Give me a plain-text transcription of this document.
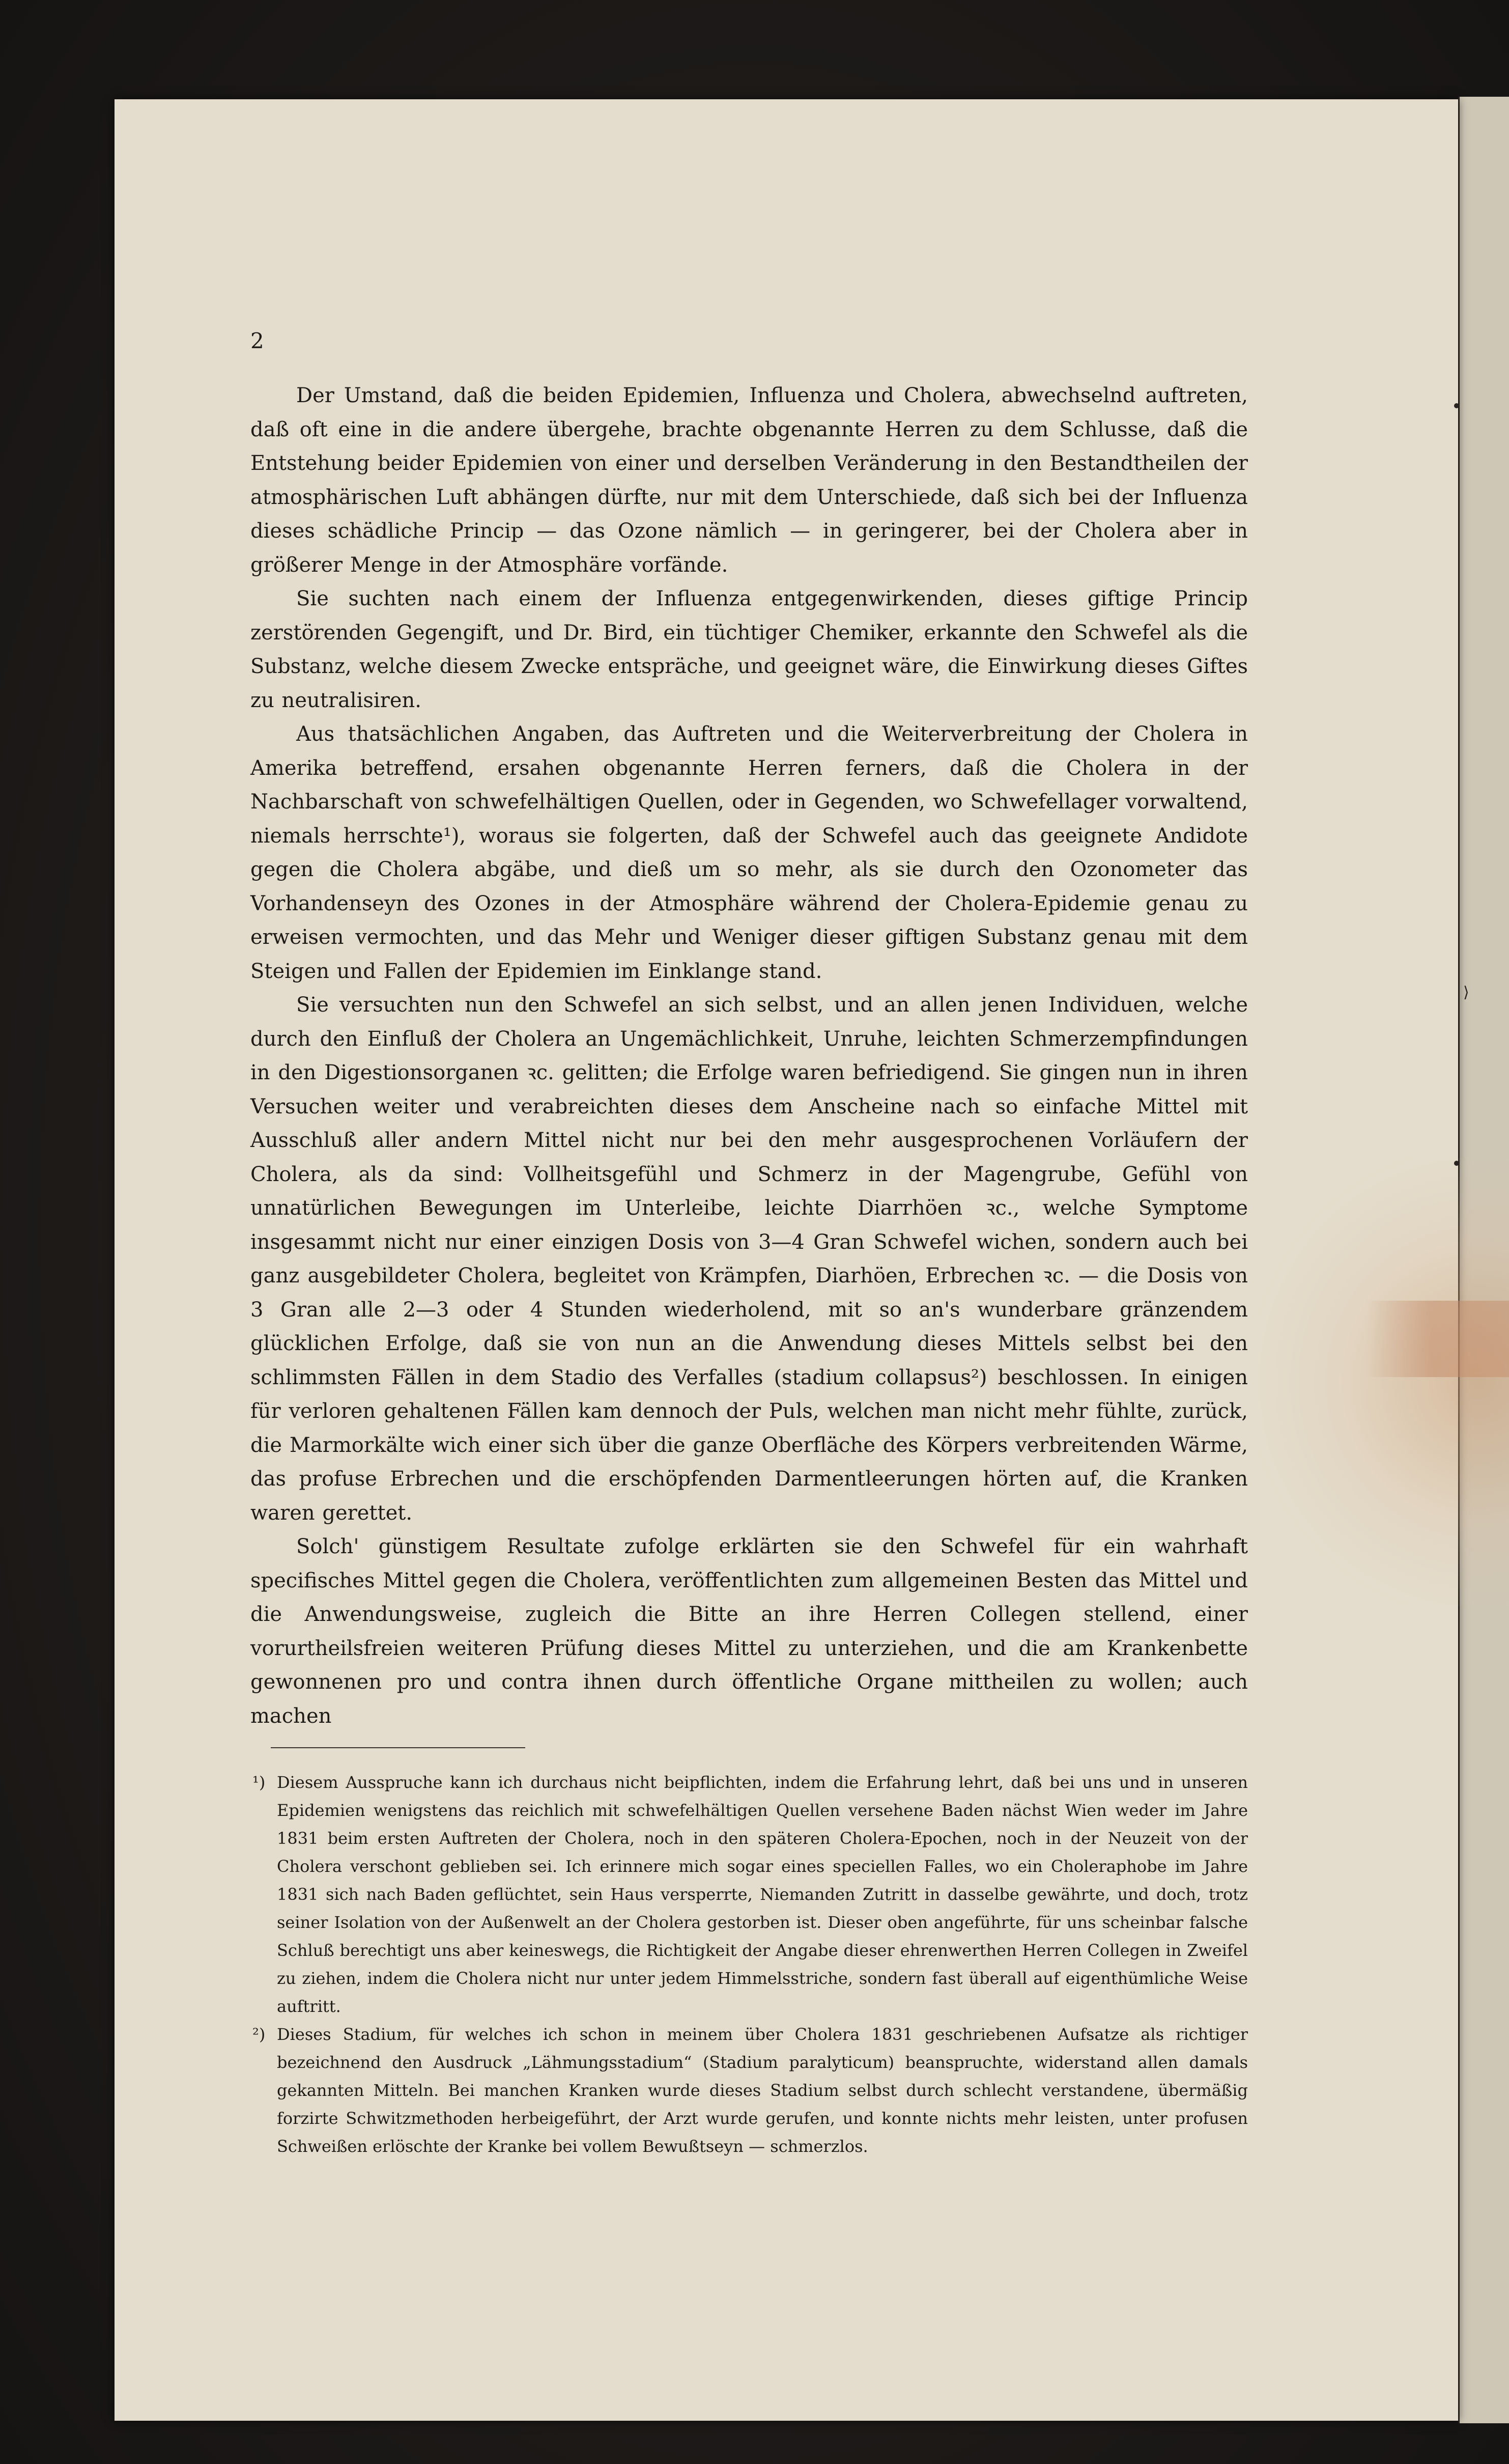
⟩
2

Der Umstand, daß die beiden Epidemien, Influenza und Cholera, abwechselnd auftreten, daß oft eine in die andere übergehe, brachte obgenannte Herren zu dem Schlusse, daß die Entstehung beider Epidemien von einer und derselben Veränderung in den Bestandtheilen der atmosphärischen Luft abhängen dürfte, nur mit dem Unterschiede, daß sich bei der Influenza dieses schädliche Princip — das Ozone nämlich — in geringerer, bei der Cholera aber in größerer Menge in der Atmosphäre vorfände.

Sie suchten nach einem der Influenza entgegenwirkenden, dieses giftige Princip zerstörenden Gegengift, und Dr. Bird, ein tüchtiger Chemiker, erkannte den Schwefel als die Substanz, welche diesem Zwecke entspräche, und geeignet wäre, die Einwirkung dieses Giftes zu neutralisiren.

Aus thatsächlichen Angaben, das Auftreten und die Weiterverbreitung der Cholera in Amerika betreffend, ersahen obgenannte Herren ferners, daß die Cholera in der Nachbarschaft von schwefelhältigen Quellen, oder in Gegenden, wo Schwefellager vorwaltend, niemals herrschte¹), woraus sie folgerten, daß der Schwefel auch das geeignete Andidote gegen die Cholera abgäbe, und dieß um so mehr, als sie durch den Ozonometer das Vorhandenseyn des Ozones in der Atmosphäre während der Cholera-Epidemie genau zu erweisen vermochten, und das Mehr und Weniger dieser giftigen Substanz genau mit dem Steigen und Fallen der Epidemien im Einklange stand.

Sie versuchten nun den Schwefel an sich selbst, und an allen jenen Individuen, welche durch den Einfluß der Cholera an Ungemächlichkeit, Unruhe, leichten Schmerzempfindungen in den Digestionsorganen ꝛc. gelitten; die Erfolge waren befriedigend. Sie gingen nun in ihren Versuchen weiter und verabreichten dieses dem Anscheine nach so einfache Mittel mit Ausschluß aller andern Mittel nicht nur bei den mehr ausgesprochenen Vorläufern der Cholera, als da sind: Vollheitsgefühl und Schmerz in der Magengrube, Gefühl von unnatürlichen Bewegungen im Unterleibe, leichte Diarrhöen ꝛc., welche Symptome insgesammt nicht nur einer einzigen Dosis von 3—4 Gran Schwefel wichen, sondern auch bei ganz ausgebildeter Cholera, begleitet von Krämpfen, Diarhöen, Erbrechen ꝛc. — die Dosis von 3 Gran alle 2—3 oder 4 Stunden wiederholend, mit so an's wunderbare gränzendem glücklichen Erfolge, daß sie von nun an die Anwendung dieses Mittels selbst bei den schlimmsten Fällen in dem Stadio des Verfalles (stadium collapsus²) beschlossen. In einigen für verloren gehaltenen Fällen kam dennoch der Puls, welchen man nicht mehr fühlte, zurück, die Marmorkälte wich einer sich über die ganze Oberfläche des Körpers verbreitenden Wärme, das profuse Erbrechen und die erschöpfenden Darmentleerungen hörten auf, die Kranken waren gerettet.

Solch' günstigem Resultate zufolge erklärten sie den Schwefel für ein wahrhaft specifisches Mittel gegen die Cholera, veröffentlichten zum allgemeinen Besten das Mittel und die Anwendungsweise, zugleich die Bitte an ihre Herren Collegen stellend, einer vorurtheilsfreien weiteren Prüfung dieses Mittel zu unterziehen, und die am Krankenbette gewonnenen pro und contra ihnen durch öffentliche Organe mittheilen zu wollen; auch machen

¹) Diesem Ausspruche kann ich durchaus nicht beipflichten, indem die Erfahrung lehrt, daß bei uns und in unseren Epidemien wenigstens das reichlich mit schwefelhältigen Quellen versehene Baden nächst Wien weder im Jahre 1831 beim ersten Auftreten der Cholera, noch in den späteren Cholera-Epochen, noch in der Neuzeit von der Cholera verschont geblieben sei. Ich erinnere mich sogar eines speciellen Falles, wo ein Choleraphobe im Jahre 1831 sich nach Baden geflüchtet, sein Haus versperrte, Niemanden Zutritt in dasselbe gewährte, und doch, trotz seiner Isolation von der Außenwelt an der Cholera gestorben ist. Dieser oben angeführte, für uns scheinbar falsche Schluß berechtigt uns aber keineswegs, die Richtigkeit der Angabe dieser ehrenwerthen Herren Collegen in Zweifel zu ziehen, indem die Cholera nicht nur unter jedem Himmelsstriche, sondern fast überall auf eigenthümliche Weise auftritt.

²) Dieses Stadium, für welches ich schon in meinem über Cholera 1831 geschriebenen Aufsatze als richtiger bezeichnend den Ausdruck „Lähmungsstadium“ (Stadium paralyticum) beanspruchte, widerstand allen damals gekannten Mitteln. Bei manchen Kranken wurde dieses Stadium selbst durch schlecht verstandene, übermäßig forzirte Schwitzmethoden herbeigeführt, der Arzt wurde gerufen, und konnte nichts mehr leisten, unter profusen Schweißen erlöschte der Kranke bei vollem Bewußtseyn — schmerzlos.
